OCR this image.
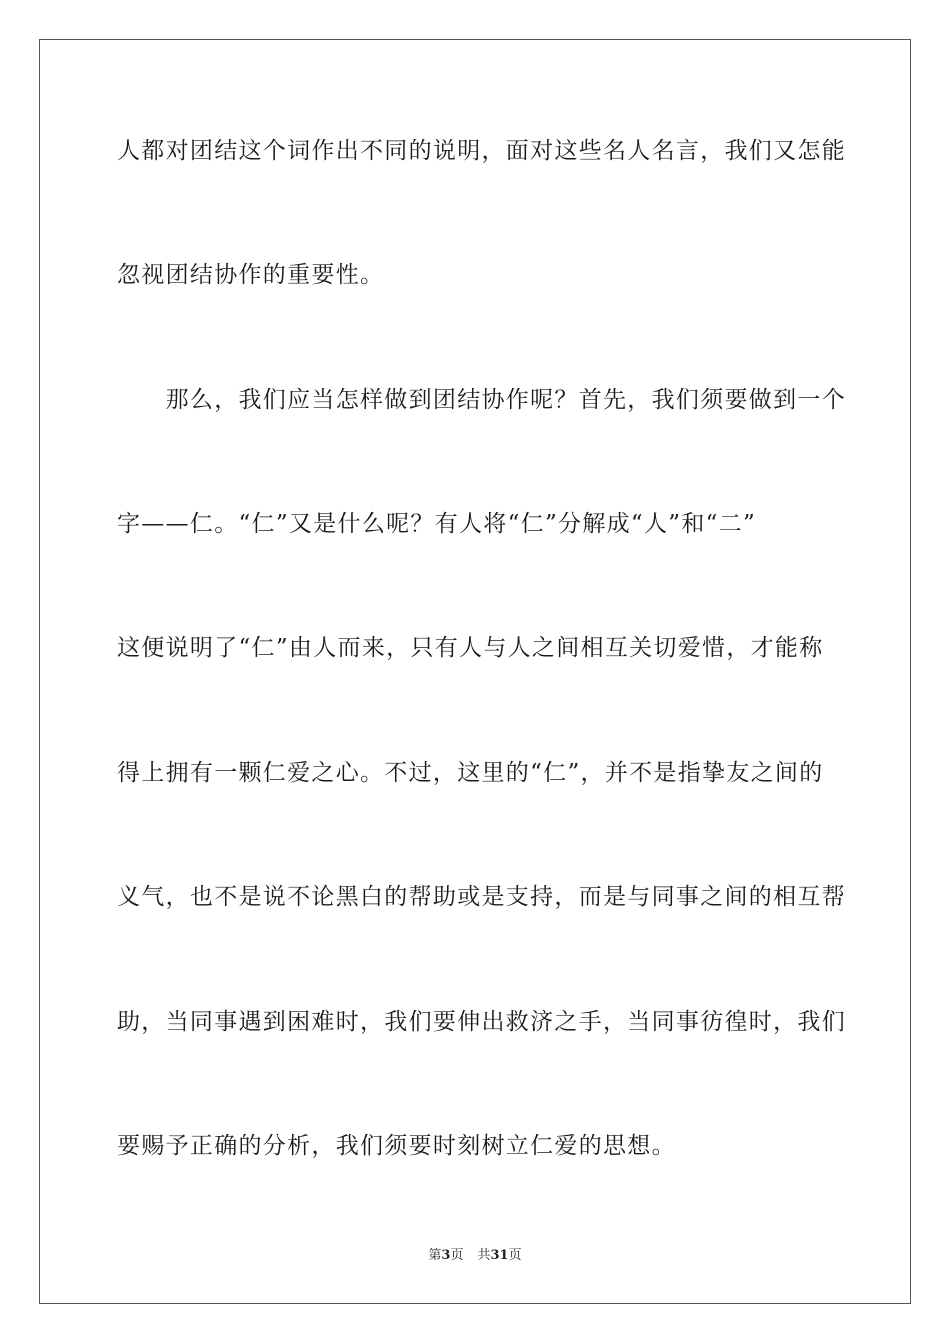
人都对团结这个词作出不同的说明，面对这些名人名言，我们又怎能
忽视团结协作的重要性。
　　那么，我们应当怎样做到团结协作呢？首先，我们须要做到一个
字——仁。“仁”又是什么呢？有人将“仁”分解成“人”和“二”
这便说明了“仁”由人而来，只有人与人之间相互关切爱惜，才能称
得上拥有一颗仁爱之心。不过，这里的“仁”，并不是指挚友之间的
义气，也不是说不论黑白的帮助或是支持，而是与同事之间的相互帮
助，当同事遇到困难时，我们要伸出救济之手，当同事彷徨时，我们
要赐予正确的分析，我们须要时刻树立仁爱的思想。
第3页 共31页
